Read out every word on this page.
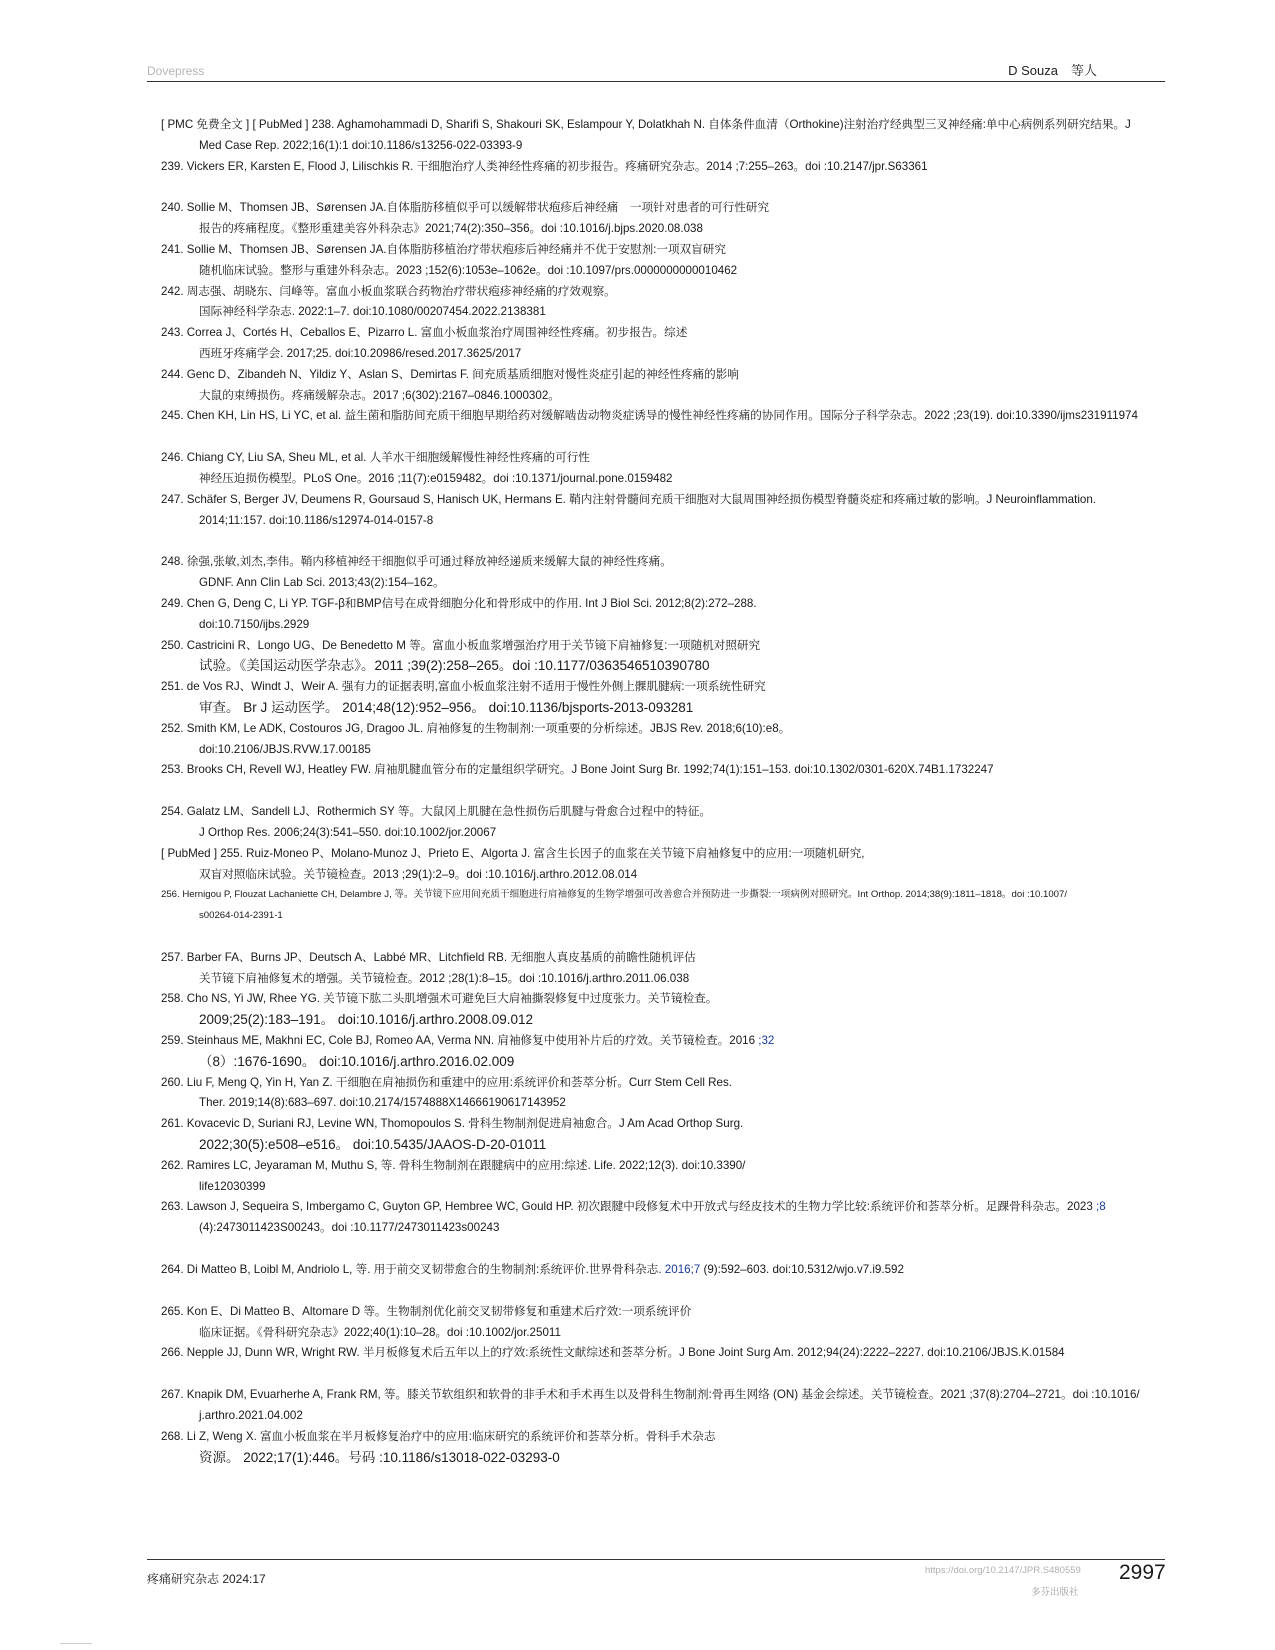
Dovepress	D Souza　等人
[ PMC 免费全文 ] [ PubMed ] 238. Aghamohammadi D, Sharifi S, Shakouri SK, Eslampour Y, Dolatkhah N. 自体条件血清（Orthokine)注射治疗经典型三叉神经痛:单中心病例系列研究结果。J
Med Case Rep. 2022;16(1):1 doi:10.1186/s13256-022-03393-9
239. Vickers ER, Karsten E, Flood J, Lilischkis R. 干细胞治疗人类神经性疼痛的初步报告。疼痛研究杂志。2014 ;7:255–263。doi :10.2147/jpr.S63361
240. Sollie M、Thomsen JB、Sørensen JA.自体脂肪移植似乎可以缓解带状疱疹后神经痛　一项针对患者的可行性研究
报告的疼痛程度。《整形重建美容外科杂志》2021;74(2):350–356。doi :10.1016/j.bjps.2020.08.038
241. Sollie M、Thomsen JB、Sørensen JA.自体脂肪移植治疗带状疱疹后神经痛并不优于安慰剂:一项双盲研究
随机临床试验。整形与重建外科杂志。2023 ;152(6):1053e–1062e。doi :10.1097/prs.0000000000010462
242. 周志强、胡晓东、闫峰等。富血小板血浆联合药物治疗带状疱疹神经痛的疗效观察。
国际神经科学杂志. 2022:1–7. doi:10.1080/00207454.2022.2138381
243. Correa J、Cortés H、Ceballos E、Pizarro L. 富血小板血浆治疗周围神经性疼痛。初步报告。综述
西班牙疼痛学会. 2017;25. doi:10.20986/resed.2017.3625/2017
244. Genc D、Zibandeh N、Yildiz Y、Aslan S、Demirtas F. 间充质基质细胞对慢性炎症引起的神经性疼痛的影响
大鼠的束缚损伤。疼痛缓解杂志。2017 ;6(302):2167–0846.1000302。
245. Chen KH, Lin HS, Li YC, et al. 益生菌和脂肪间充质干细胞早期给药对缓解啮齿动物炎症诱导的慢性神经性疼痛的协同作用。国际分子科学杂志。2022 ;23(19). doi:10.3390/ijms231911974
246. Chiang CY, Liu SA, Sheu ML, et al. 人羊水干细胞缓解慢性神经性疼痛的可行性
神经压迫损伤模型。PLoS One。2016 ;11(7):e0159482。doi :10.1371/journal.pone.0159482
247. Schäfer S, Berger JV, Deumens R, Goursaud S, Hanisch UK, Hermans E. 鞘内注射骨髓间充质干细胞对大鼠周围神经损伤模型脊髓炎症和疼痛过敏的影响。J Neuroinflammation.
2014;11:157. doi:10.1186/s12974-014-0157-8
248. 徐强,张敏,刘杰,李伟。鞘内移植神经干细胞似乎可通过释放神经递质来缓解大鼠的神经性疼痛。
GDNF. Ann Clin Lab Sci. 2013;43(2):154–162。
249. Chen G, Deng C, Li YP. TGF-β和BMP信号在成骨细胞分化和骨形成中的作用. Int J Biol Sci. 2012;8(2):272–288.
doi:10.7150/ijbs.2929
250. Castricini R、Longo UG、De Benedetto M 等。富血小板血浆增强治疗用于关节镜下肩袖修复:一项随机对照研究
试验。《美国运动医学杂志》。2011 ;39(2):258–265。doi :10.1177/0363546510390780
251. de Vos RJ、Windt J、Weir A. 强有力的证据表明,富血小板血浆注射不适用于慢性外侧上髁肌腱病:一项系统性研究
审查。 Br J 运动医学。 2014;48(12):952–956。 doi:10.1136/bjsports-2013-093281
252. Smith KM, Le ADK, Costouros JG, Dragoo JL. 肩袖修复的生物制剂:一项重要的分析综述。JBJS Rev. 2018;6(10):e8。
doi:10.2106/JBJS.RVW.17.00185
253. Brooks CH, Revell WJ, Heatley FW. 肩袖肌腱血管分布的定量组织学研究。J Bone Joint Surg Br. 1992;74(1):151–153. doi:10.1302/0301-620X.74B1.1732247
254. Galatz LM、Sandell LJ、Rothermich SY 等。大鼠冈上肌腱在急性损伤后肌腱与骨愈合过程中的特征。
J Orthop Res. 2006;24(3):541–550. doi:10.1002/jor.20067
[ PubMed ] 255. Ruiz-Moneo P、Molano-Munoz J、Prieto E、Algorta J. 富含生长因子的血浆在关节镜下肩袖修复中的应用:一项随机研究,
双盲对照临床试验。关节镜检查。2013 ;29(1):2–9。doi :10.1016/j.arthro.2012.08.014
256. Hernigou P, Flouzat Lachaniette CH, Delambre J, 等。关节镜下应用间充质干细胞进行肩袖修复的生物学增强可改善愈合并预防进一步撕裂:一项病例对照研究。Int Orthop. 2014;38(9):1811–1818。doi :10.1007/
s00264-014-2391-1
257. Barber FA、Burns JP、Deutsch A、Labbé MR、Litchfield RB. 无细胞人真皮基质的前瞻性随机评估
关节镜下肩袖修复术的增强。关节镜检查。2012 ;28(1):8–15。doi :10.1016/j.arthro.2011.06.038
258. Cho NS, Yi JW, Rhee YG. 关节镜下肱二头肌增强术可避免巨大肩袖撕裂修复中过度张力。关节镜检查。
2009;25(2):183–191。 doi:10.1016/j.arthro.2008.09.012
259. Steinhaus ME, Makhni EC, Cole BJ, Romeo AA, Verma NN. 肩袖修复中使用补片后的疗效。关节镜检查。2016 ;32
（8）:1676-1690。 doi:10.1016/j.arthro.2016.02.009
260. Liu F, Meng Q, Yin H, Yan Z. 干细胞在肩袖损伤和重建中的应用:系统评价和荟萃分析。Curr Stem Cell Res.
Ther. 2019;14(8):683–697. doi:10.2174/1574888X14666190617143952
261. Kovacevic D, Suriani RJ, Levine WN, Thomopoulos S. 骨科生物制剂促进肩袖愈合。J Am Acad Orthop Surg.
2022;30(5):e508–e516。 doi:10.5435/JAAOS-D-20-01011
262. Ramires LC, Jeyaraman M, Muthu S, 等. 骨科生物制剂在跟腱病中的应用:综述. Life. 2022;12(3). doi:10.3390/
life12030399
263. Lawson J, Sequeira S, Imbergamo C, Guyton GP, Hembree WC, Gould HP. 初次跟腱中段修复术中开放式与经皮技术的生物力学比较:系统评价和荟萃分析。足踝骨科杂志。2023 ;8
(4):2473011423S00243。doi :10.1177/2473011423s00243
264. Di Matteo B, Loibl M, Andriolo L, 等. 用于前交叉韧带愈合的生物制剂:系统评价.世界骨科杂志. 2016;7 (9):592–603. doi:10.5312/wjo.v7.i9.592
265. Kon E、Di Matteo B、Altomare D 等。生物制剂优化前交叉韧带修复和重建术后疗效:一项系统评价
临床证据。《骨科研究杂志》2022;40(1):10–28。doi :10.1002/jor.25011
266. Nepple JJ, Dunn WR, Wright RW. 半月板修复术后五年以上的疗效:系统性文献综述和荟萃分析。J Bone Joint Surg Am. 2012;94(24):2222–2227. doi:10.2106/JBJS.K.01584
267. Knapik DM, Evuarherhe A, Frank RM, 等。膝关节软组织和软骨的非手术和手术再生以及骨科生物制剂:骨再生网络 (ON) 基金会综述。关节镜检查。2021 ;37(8):2704–2721。doi :10.1016/
j.arthro.2021.04.002
268. Li Z, Weng X. 富血小板血浆在半月板修复治疗中的应用:临床研究的系统评价和荟萃分析。骨科手术杂志
资源。 2022;17(1):446。号码 :10.1186/s13018-022-03293-0
疼痛研究杂志 2024:17
https://doi.org/10.2147/JPR.S480559
多芬出版社
2997
